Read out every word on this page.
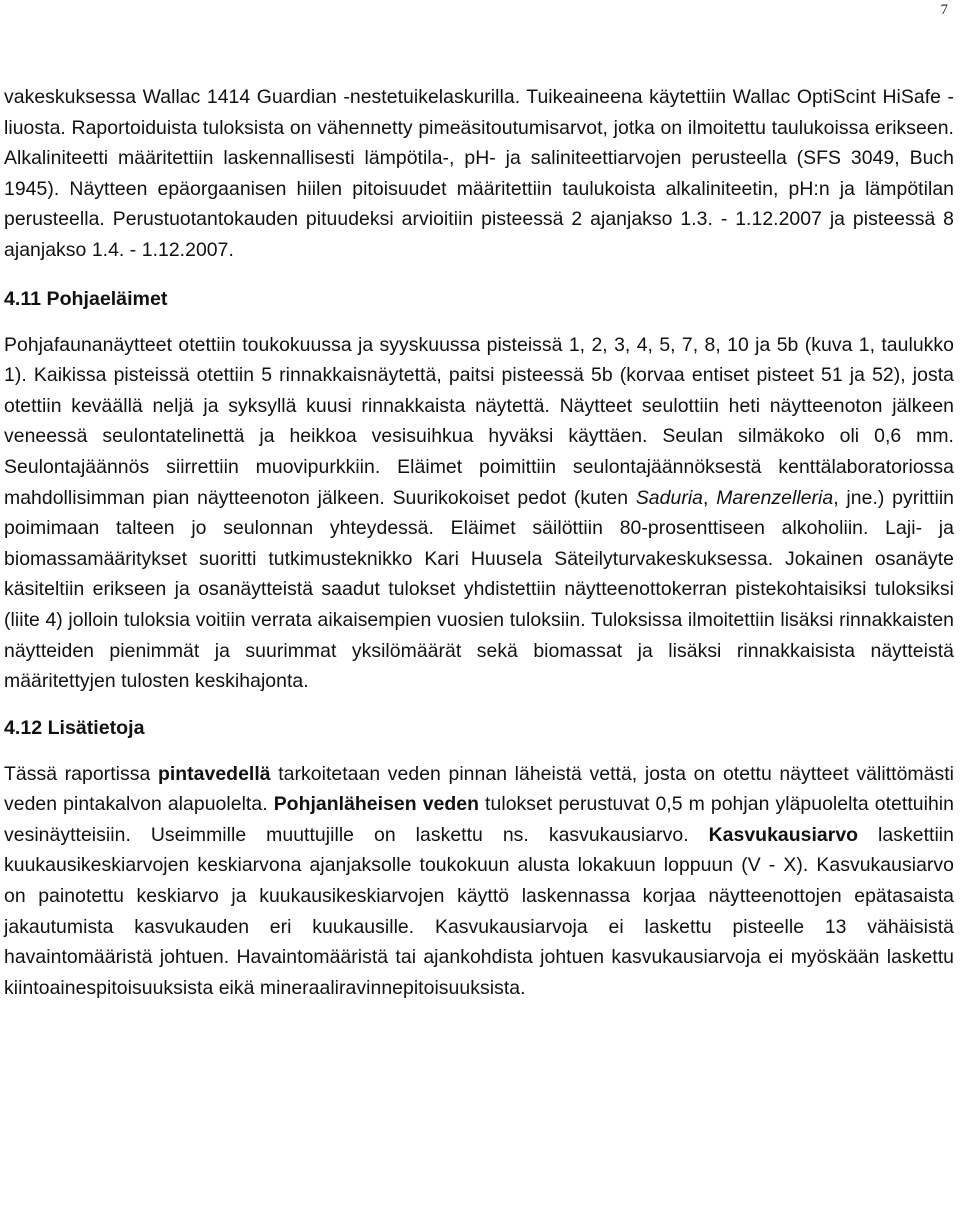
7

vakeskuksessa Wallac 1414 Guardian -nestetuikelaskurilla. Tuikeaineena käytettiin Wallac OptiScint HiSafe -liuosta. Raportoiduista tuloksista on vähennetty pimeäsitoutumisarvot, jotka on ilmoitettu taulukoissa erikseen. Alkaliniteetti määritettiin laskennallisesti lämpötila-, pH- ja saliniteettiarvojen perusteella (SFS 3049, Buch 1945). Näytteen epäorgaanisen hiilen pitoisuudet määritettiin taulukoista alkaliniteetin, pH:n ja lämpötilan perusteella. Perustuotantokauden pituudeksi arvioitiin pisteessä 2 ajanjakso 1.3. - 1.12.2007 ja pisteessä 8 ajanjakso 1.4. - 1.12.2007.

4.11 Pohjaeläimet

Pohjafaunanäytteet otettiin toukokuussa ja syyskuussa pisteissä 1, 2, 3, 4, 5, 7, 8, 10 ja 5b (kuva 1, taulukko 1). Kaikissa pisteissä otettiin 5 rinnakkaisnäytettä, paitsi pisteessä 5b (korvaa entiset pisteet 51 ja 52), josta otettiin keväällä neljä ja syksyllä kuusi rinnakkaista näytettä. Näytteet seulottiin heti näytteenoton jälkeen veneessä seulontatelinettä ja heikkoa vesisuihkua hyväksi käyttäen. Seulan silmäkoko oli 0,6 mm. Seulontajäännös siirrettiin muovipurkkiin. Eläimet poimittiin seulontajäännöksestä kenttälaboratoriossa mahdollisimman pian näytteenoton jälkeen. Suurikokoiset pedot (kuten Saduria, Marenzelleria, jne.) pyrittiin poimimaan talteen jo seulonnan yhteydessä. Eläimet säilöttiin 80-prosenttiseen alkoholiin. Laji- ja biomassamääritykset suoritti tutkimusteknikko Kari Huusela Säteilyturvakeskuksessa. Jokainen osanäyte käsiteltiin erikseen ja osanäytteistä saadut tulokset yhdistettiin näytteenottokerran pistekohtaisiksi tuloksiksi (liite 4) jolloin tuloksia voitiin verrata aikaisempien vuosien tuloksiin. Tuloksissa ilmoitettiin lisäksi rinnakkaisten näytteiden pienimmät ja suurimmat yksilömäärät sekä biomassat ja lisäksi rinnakkaisista näytteistä määritettyjen tulosten keskihajonta.

4.12 Lisätietoja

Tässä raportissa pintavedellä tarkoitetaan veden pinnan läheistä vettä, josta on otettu näytteet välittömästi veden pintakalvon alapuolelta. Pohjanläheisen veden tulokset perustuvat 0,5 m pohjan yläpuolelta otettuihin vesinäytteisiin. Useimmille muuttujille on laskettu ns. kasvukausiarvo. Kasvukausiarvo laskettiin kuukausikeskiarvojen keskiarvona ajanjaksolle toukokuun alusta lokakuun loppuun (V - X). Kasvukausiarvo on painotettu keskiarvo ja kuukausikeskiarvojen käyttö laskennassa korjaa näytteenottojen epätasaista jakautumista kasvukauden eri kuukausille. Kasvukausiarvoja ei laskettu pisteelle 13 vähäisistä havaintomääristä johtuen. Havaintomääristä tai ajankohdista johtuen kasvukausiarvoja ei myöskään laskettu kiintoainespitoisuuksista eikä mineraaliravinnepitoisuuksista.
